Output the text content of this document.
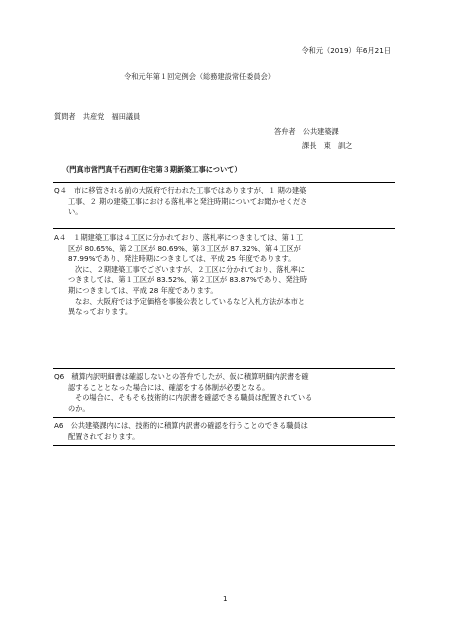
令和元（2019）年6月21日
令和元年第１回定例会（総務建設常任委員会）
質問者　共産党　福田議員
答弁者　公共建築課
課長　東　訓之
（門真市営門真千石西町住宅第３期新築工事について）
Q４　市に移管される前の大阪府で行われた工事ではありますが、１ 期の建築
工事、２ 期の建築工事における落札率と発注時期についてお聞かせくださ
い。
A４　１期建築工事は４工区に分かれており、落札率につきましては、第１工
区が 80.65%、第２工区が 80.69%、第３工区が 87.32%、第４工区が
87.99%であり、発注時期につきましては、平成 25 年度であります。
次に、２期建築工事でございますが、２工区に分かれており、落札率に
つきましては、第１工区が 83.52%、第２工区が 83.87%であり、発注時
期につきましては、平成 28 年度であります。
なお、大阪府では予定価格を事後公表としているなど入札方法が本市と
異なっております。
Q6　積算内訳明細書は確認しないとの答弁でしたが、仮に積算明細内訳書を確
認することとなった場合には、確認をする体制が必要となる。
その場合に、そもそも技術的に内訳書を確認できる職員は配置されている
のか。
A6　公共建築課内には、技術的に積算内訳書の確認を行うことのできる職員は
配置されております。
1
